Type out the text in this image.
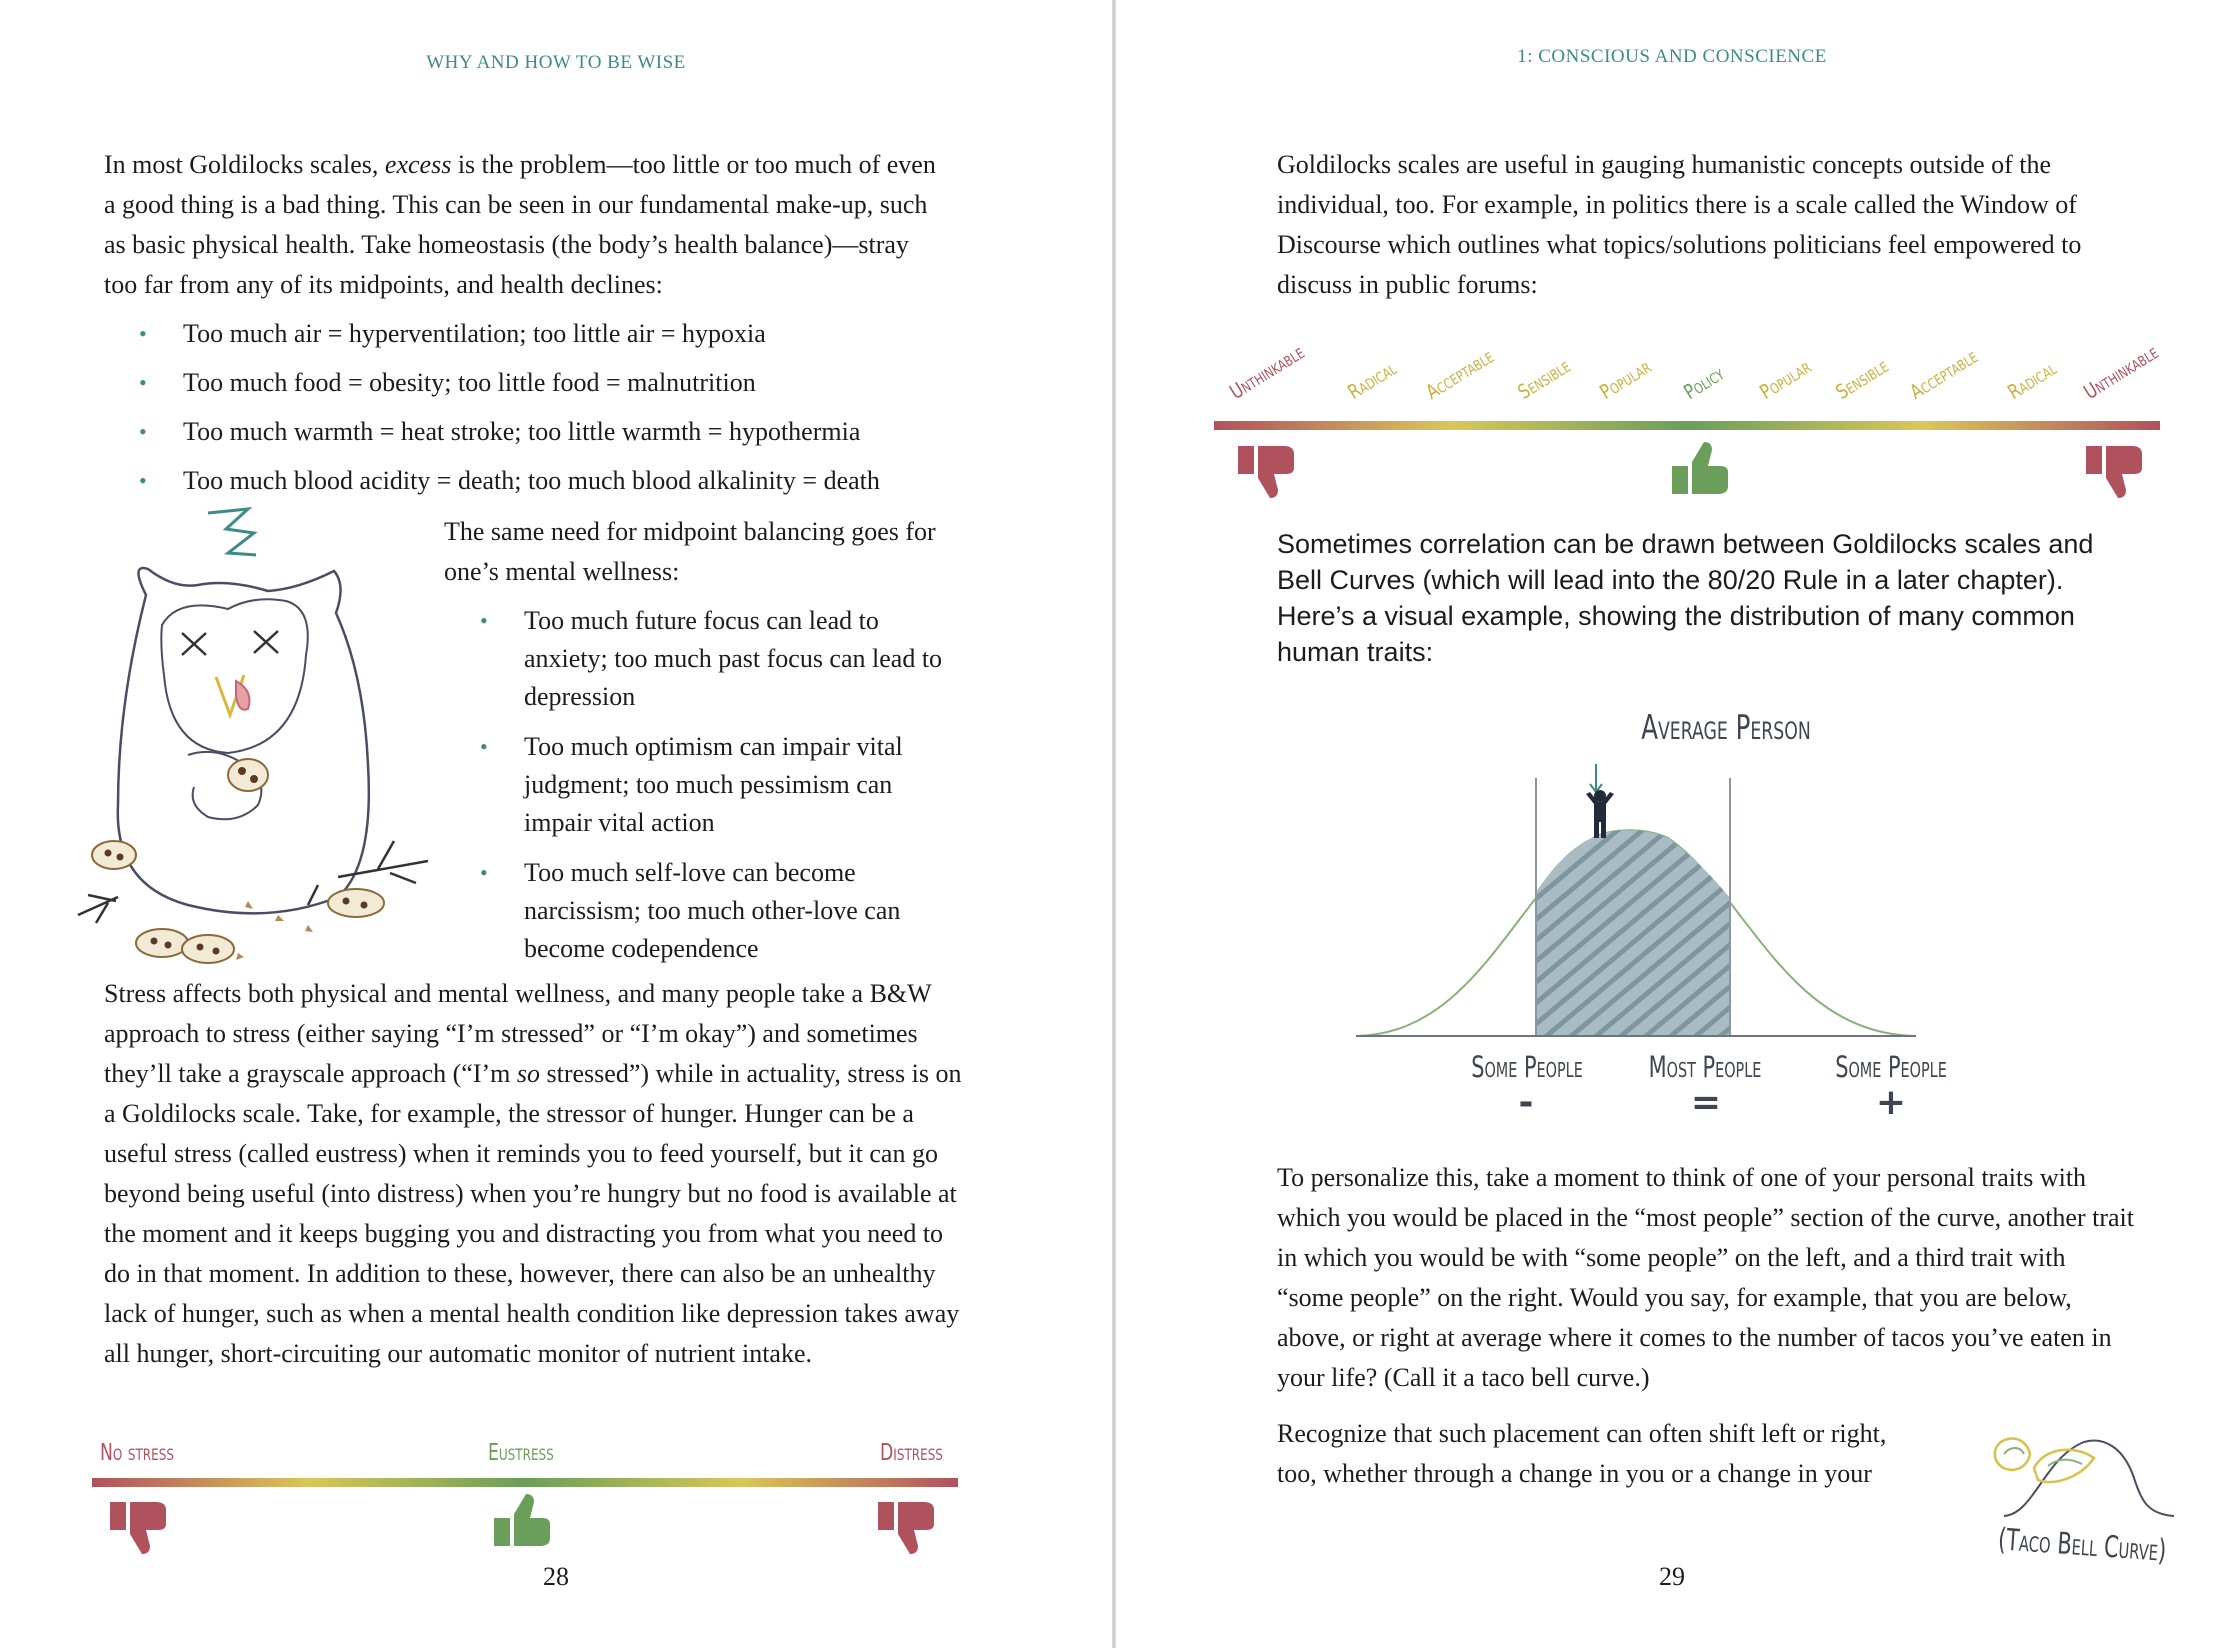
WHY AND HOW TO BE WISE

In most Goldilocks scales, excess is the problem—too little or too much of even a good thing is a bad thing. This can be seen in our fundamental make-up, such as basic physical health. Take homeostasis (the body’s health balance)—stray too far from any of its midpoints, and health declines:

• Too much air = hyperventilation; too little air = hypoxia
• Too much food = obesity; too little food = malnutrition
• Too much warmth = heat stroke; too little warmth = hypothermia
• Too much blood acidity = death; too much blood alkalinity = death

The same need for midpoint balancing goes for one’s mental wellness:

• Too much future focus can lead to anxiety; too much past focus can lead to depression
• Too much optimism can impair vital judgment; too much pessimism can impair vital action
• Too much self-love can become narcissism; too much other-love can become codependence

Stress affects both physical and mental wellness, and many people take a B&W approach to stress (either saying “I’m stressed” or “I’m okay”) and sometimes they’ll take a grayscale approach (“I’m so stressed”) while in actuality, stress is on a Goldilocks scale. Take, for example, the stressor of hunger. Hunger can be a useful stress (called eustress) when it reminds you to feed yourself, but it can go beyond being useful (into distress) when you’re hungry but no food is available at the moment and it keeps bugging you and distracting you from what you need to do in that moment. In addition to these, however, there can also be an unhealthy lack of hunger, such as when a mental health condition like depression takes away all hunger, short-circuiting our automatic monitor of nutrient intake.

No stress	Eustress	Distress
28
1: CONSCIOUS AND CONSCIENCE

Goldilocks scales are useful in gauging humanistic concepts outside of the individual, too. For example, in politics there is a scale called the Window of Discourse which outlines what topics/solutions politicians feel empowered to discuss in public forums:

Unthinkable Radical Acceptable Sensible Popular Policy Popular Sensible Acceptable Radical Unthinkable

Sometimes correlation can be drawn between Goldilocks scales and Bell Curves (which will lead into the 80/20 Rule in a later chapter). Here’s a visual example, showing the distribution of many common human traits:

Average Person
Some People	Most People	Some People
-	=	+

To personalize this, take a moment to think of one of your personal traits with which you would be placed in the “most people” section of the curve, another trait in which you would be with “some people” on the left, and a third trait with “some people” on the right. Would you say, for example, that you are below, above, or right at average where it comes to the number of tacos you’ve eaten in your life? (Call it a taco bell curve.)

Recognize that such placement can often shift left or right, too, whether through a change in you or a change in your

(Taco Bell Curve)
29
